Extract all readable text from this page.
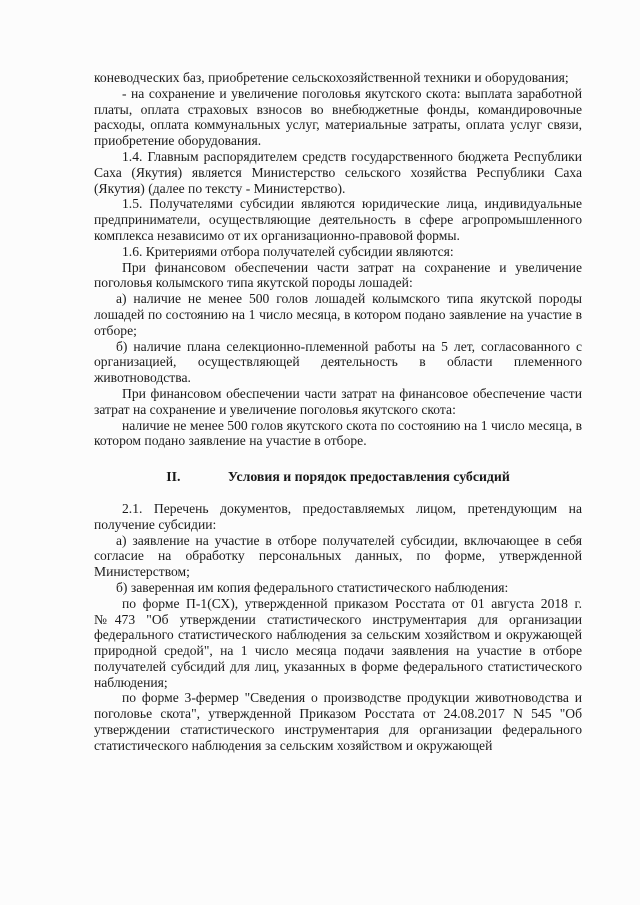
коневодческих баз, приобретение сельскохозяйственной техники и оборудования;

- на сохранение и увеличение поголовья якутского скота: выплата заработной платы, оплата страховых взносов во внебюджетные фонды, командировочные расходы, оплата коммунальных услуг, материальные затраты, оплата услуг связи, приобретение оборудования.

1.4. Главным распорядителем средств государственного бюджета Республики Саха (Якутия) является Министерство сельского хозяйства Республики Саха (Якутия) (далее по тексту - Министерство).

1.5. Получателями субсидии являются юридические лица, индивидуальные предприниматели, осуществляющие деятельность в сфере агропромышленного комплекса независимо от их организационно-правовой формы.

1.6. Критериями отбора получателей субсидии являются:

При финансовом обеспечении части затрат на сохранение и увеличение поголовья колымского типа якутской породы лошадей:

а) наличие не менее 500 голов лошадей колымского типа якутской породы лошадей по состоянию на 1 число месяца, в котором подано заявление на участие в отборе;

б) наличие плана селекционно-племенной работы на 5 лет, согласованного с организацией, осуществляющей деятельность в области племенного животноводства.

При финансовом обеспечении части затрат на финансовое обеспечение части затрат на сохранение и увеличение поголовья якутского скота:

наличие не менее 500 голов якутского скота по состоянию на 1 число месяца, в котором подано заявление на участие в отборе.

II.	Условия и порядок предоставления субсидий

2.1. Перечень документов, предоставляемых лицом, претендующим на получение субсидии:

а) заявление на участие в отборе получателей субсидии, включающее в себя согласие на обработку персональных данных, по форме, утвержденной Министерством;

б) заверенная им копия федерального статистического наблюдения:

по форме П-1(СХ), утвержденной приказом Росстата от 01 августа 2018 г. №473 "Об утверждении статистического инструментария для организации федерального статистического наблюдения за сельским хозяйством и окружающей природной средой", на 1 число месяца подачи заявления на участие в отборе получателей субсидий для лиц, указанных в форме федерального статистического наблюдения;

по форме 3-фермер "Сведения о производстве продукции животноводства и поголовье скота", утвержденной Приказом Росстата от 24.08.2017 N 545 "Об утверждении статистического инструментария для организации федерального статистического наблюдения за сельским хозяйством и окружающей
